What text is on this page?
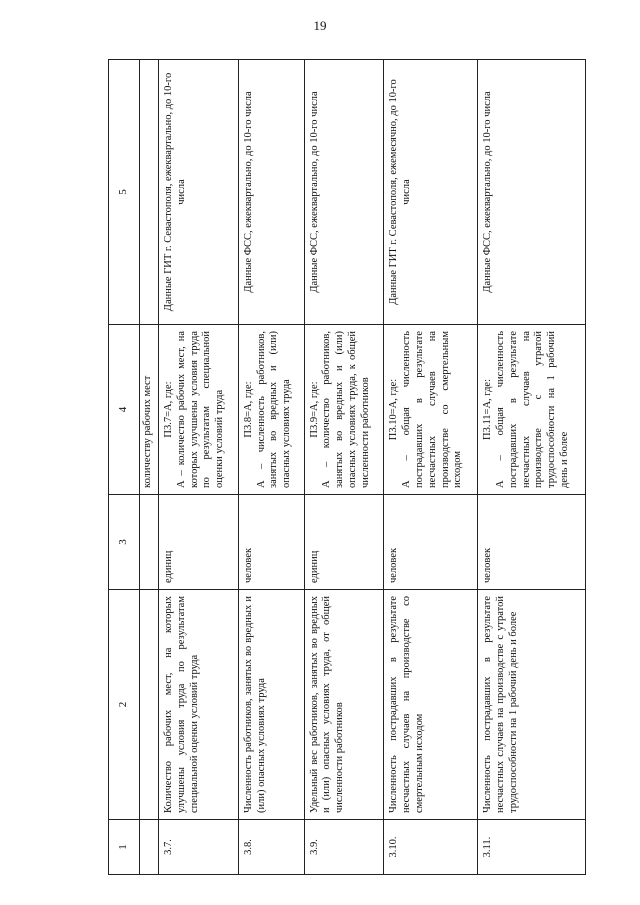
19
1	2	3	4	5
			количеству рабочих мест	
3.7.	Количество рабочих мест, на которых улучшены условия труда по результатам специальной оценки условий труда	единиц	П3.7=А, где: А – количество рабочих мест, на которых улучшены условия труда по результатам специальной оценки условий труда	Данные ГИТ г. Севастополя, ежеквартально, до 10-го числа
3.8.	Численность работников, занятых во вредных и (или) опасных условиях труда	человек	П3.8=А, где: А – численность работников, занятых во вредных и (или) опасных условиях труда	Данные ФСС, ежеквартально, до 10-го числа
3.9.	Удельный вес работников, занятых во вредных и (или) опасных условиях труда, от общей численности работников	единиц	П3.9=А, где: А – количество работников, занятых во вредных и (или) опасных условиях труда, к общей численности работников	Данные ФСС, ежеквартально, до 10-го числа
3.10.	Численность пострадавших в результате несчастных случаев на производстве со смертельным исходом	человек	П3.10=А, где: А – общая численность пострадавших в результате несчастных случаев на производстве со смертельным исходом	Данные ГИТ г. Севастополя, ежемесячно, до 10-го числа
3.11.	Численность пострадавших в результате несчастных случаев на производстве с утратой трудоспособности на 1 рабочий день и более	человек	П3.11=А, где: А – общая численность пострадавших в результате несчастных случаев на производстве с утратой трудоспособности на 1 рабочий день и более	Данные ФСС, ежеквартально, до 10-го числа
